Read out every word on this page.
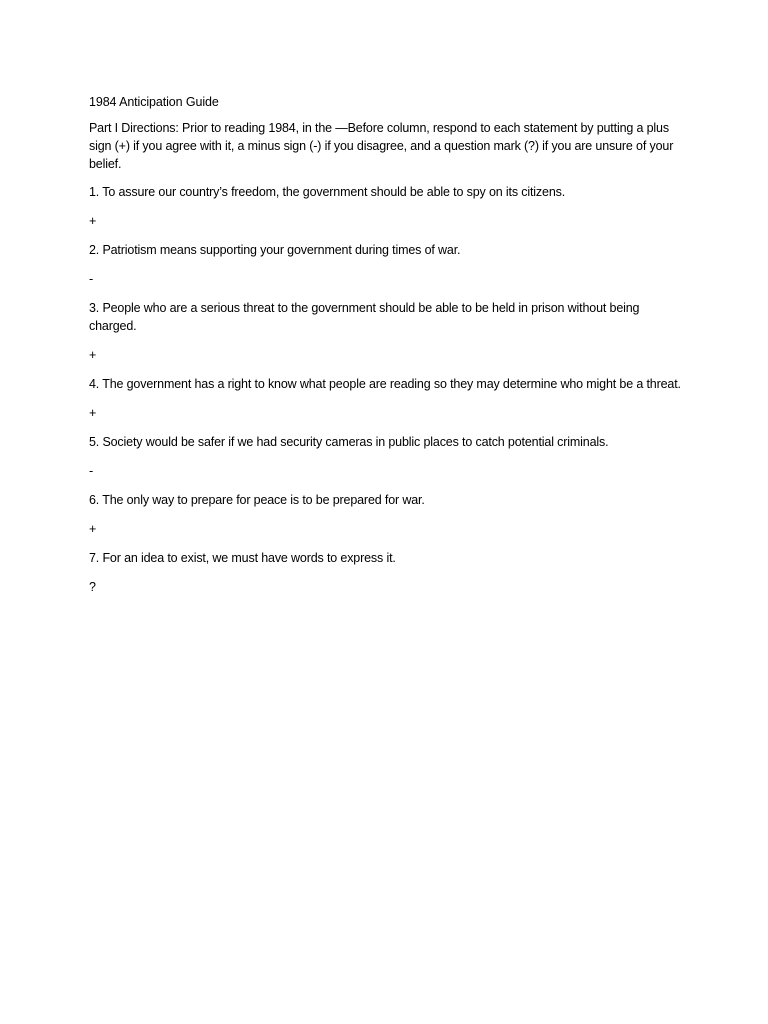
1984 Anticipation Guide

Part I Directions: Prior to reading 1984, in the —Before column, respond to each statement by putting a plus sign (+) if you agree with it, a minus sign (-) if you disagree, and a question mark (?) if you are unsure of your belief.

1. To assure our country’s freedom, the government should be able to spy on its citizens.

+

2. Patriotism means supporting your government during times of war.

-

3. People who are a serious threat to the government should be able to be held in prison without being charged.

+

4. The government has a right to know what people are reading so they may determine who might be a threat.

+

5. Society would be safer if we had security cameras in public places to catch potential criminals.

-

6. The only way to prepare for peace is to be prepared for war.

+

7. For an idea to exist, we must have words to express it.

?
